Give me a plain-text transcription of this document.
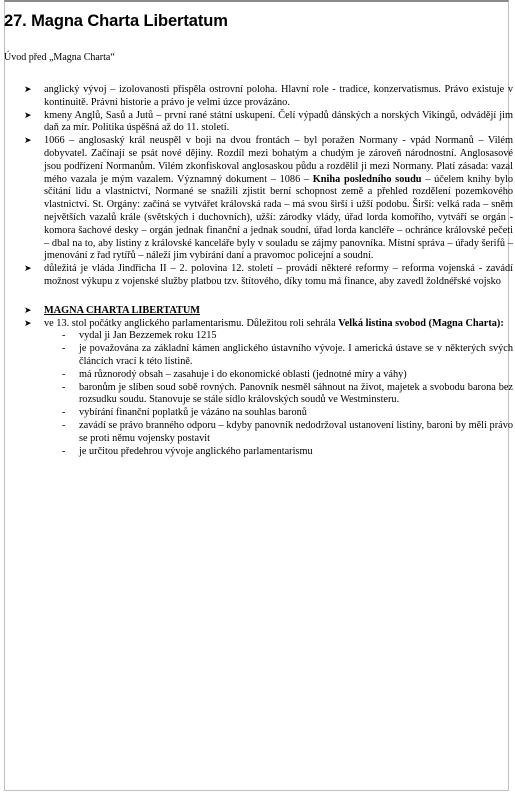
27. Magna Charta Libertatum
Úvod před „Magna Charta“
➤ anglický vývoj – izolovanosti přispěla ostrovní poloha. Hlavní role - tradice, konzervatismus. Právo existuje v kontinuitě. Právní historie a právo je velmi úzce provázáno.
➤ kmeny Anglů, Sasů a Jutů – první rané státní uskupení. Čelí výpadů dánských a norských Vikingů, odvádějí jim daň za mír. Politika úspěšná až do 11. století.
➤ 1066 – anglosaský král neuspěl v boji na dvou frontách – byl poražen Normany - vpád Normanů – Vilém dobyvatel. Začínají se psát nové dějiny. Rozdíl mezi bohatým a chudým je zároveň národnostní. Anglosasové jsou podřízení Normanům. Vilém zkonfiskoval anglosaskou půdu a rozdělil ji mezi Normany. Platí zásada: vazal mého vazala je mým vazalem. Významný dokument – 1086 – Kniha posledního soudu – účelem knihy bylo sčítání lidu a vlastnictví, Normané se snažili zjistit berní schopnost země a přehled rozdělení pozemkového vlastnictví. St. Orgány: začíná se vytvářet královská rada – má svou širší i užší podobu. Širší: velká rada – sněm největších vazalů krále (světských i duchovních), užší: zárodky vlády, úřad lorda komořího, vytváří se orgán - komora šachové desky – orgán jednak finanční a jednak soudní, úřad lorda kancléře – ochránce královské pečeti – dbal na to, aby listiny z královské kanceláře byly v souladu se zájmy panovníka. Místní správa – úřady šerifů – jmenování z řad rytířů – náleží jim vybírání daní a pravomoc policejní a soudní.
➤ důležitá je vláda Jindřicha II – 2. polovina 12. století – provádí některé reformy – reforma vojenská - zavádí možnost výkupu z vojenské služby platbou tzv. štítového, díky tomu má finance, aby zavedl žoldnéřské vojsko
➤ MAGNA CHARTA LIBERTATUM
➤ ve 13. stol počátky anglického parlamentarismu. Důležitou roli sehrála Velká listina svobod (Magna Charta):
- vydal ji Jan Bezzemek roku 1215
- je považována za základní kámen anglického ústavního vývoje. I americká ústave se v některých svých článcích vrací k této listině.
- má různorodý obsah – zasahuje i do ekonomické oblasti (jednotné míry a váhy)
- baronům je slíben soud sobě rovných. Panovník nesměl sáhnout na život, majetek a svobodu barona bez rozsudku soudu. Stanovuje se stále sídlo královských soudů ve Westminsteru.
- vybírání finanční poplatků je vázáno na souhlas baronů
- zavádí se právo branného odporu – kdyby panovník nedodržoval ustanovení listiny, baroni by měli právo se proti němu vojensky postavit
- je určitou předehrou vývoje anglického parlamentarismu
